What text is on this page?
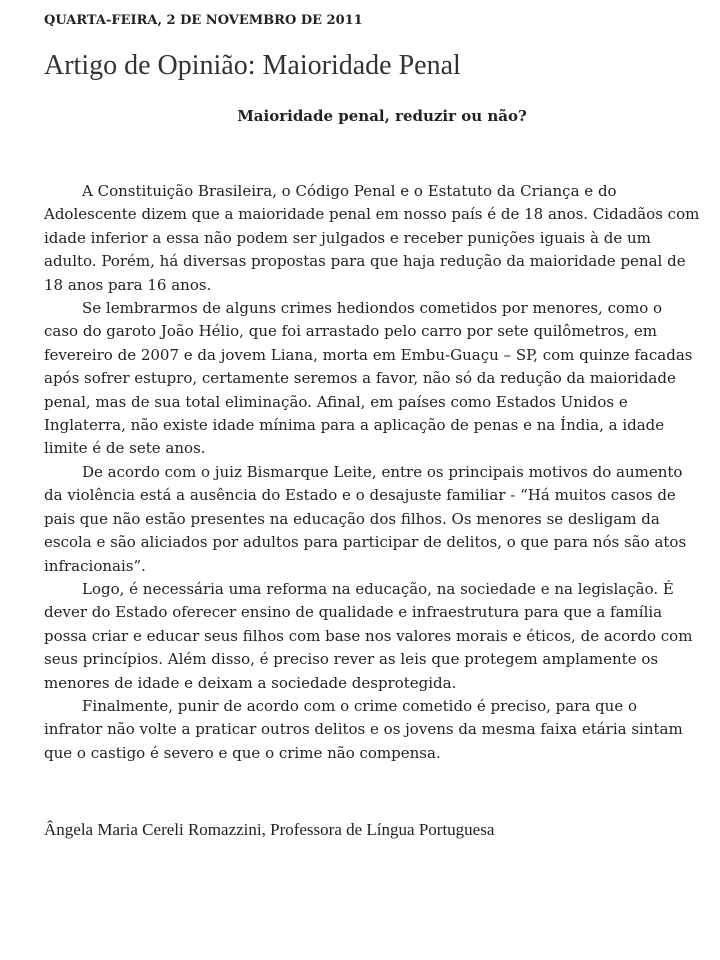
QUARTA-FEIRA, 2 DE NOVEMBRO DE 2011
Artigo de Opinião: Maioridade Penal
Maioridade penal, reduzir ou não?

A Constituição Brasileira, o Código Penal e o Estatuto da Criança e do Adolescente dizem que a maioridade penal em nosso país é de 18 anos. Cidadãos com idade inferior a essa não podem ser julgados e receber punições iguais à de um adulto. Porém, há diversas propostas para que haja redução da maioridade penal de 18 anos para 16 anos.

Se lembrarmos de alguns crimes hediondos cometidos por menores, como o caso do garoto João Hélio, que foi arrastado pelo carro por sete quilômetros, em fevereiro de 2007 e da jovem Liana, morta em Embu-Guaçu – SP, com quinze facadas após sofrer estupro, certamente seremos a favor, não só da redução da maioridade penal, mas de sua total eliminação. Afinal, em países como Estados Unidos e Inglaterra, não existe idade mínima para a aplicação de penas e na Índia, a idade limite é de sete anos.

De acordo com o juiz Bismarque Leite, entre os principais motivos do aumento da violência está a ausência do Estado e o desajuste familiar - “Há muitos casos de pais que não estão presentes na educação dos filhos. Os menores se desligam da escola e são aliciados por adultos para participar de delitos, o que para nós são atos infracionais”.

Logo, é necessária uma reforma na educação, na sociedade e na legislação. É dever do Estado oferecer ensino de qualidade e infraestrutura para que a família possa criar e educar seus filhos com base nos valores morais e éticos, de acordo com seus princípios. Além disso, é preciso rever as leis que protegem amplamente os menores de idade e deixam a sociedade desprotegida.

Finalmente, punir de acordo com o crime cometido é preciso, para que o infrator não volte a praticar outros delitos e os jovens da mesma faixa etária sintam que o castigo é severo e que o crime não compensa.

Ângela Maria Cereli Romazzini, Professora de Língua Portuguesa
